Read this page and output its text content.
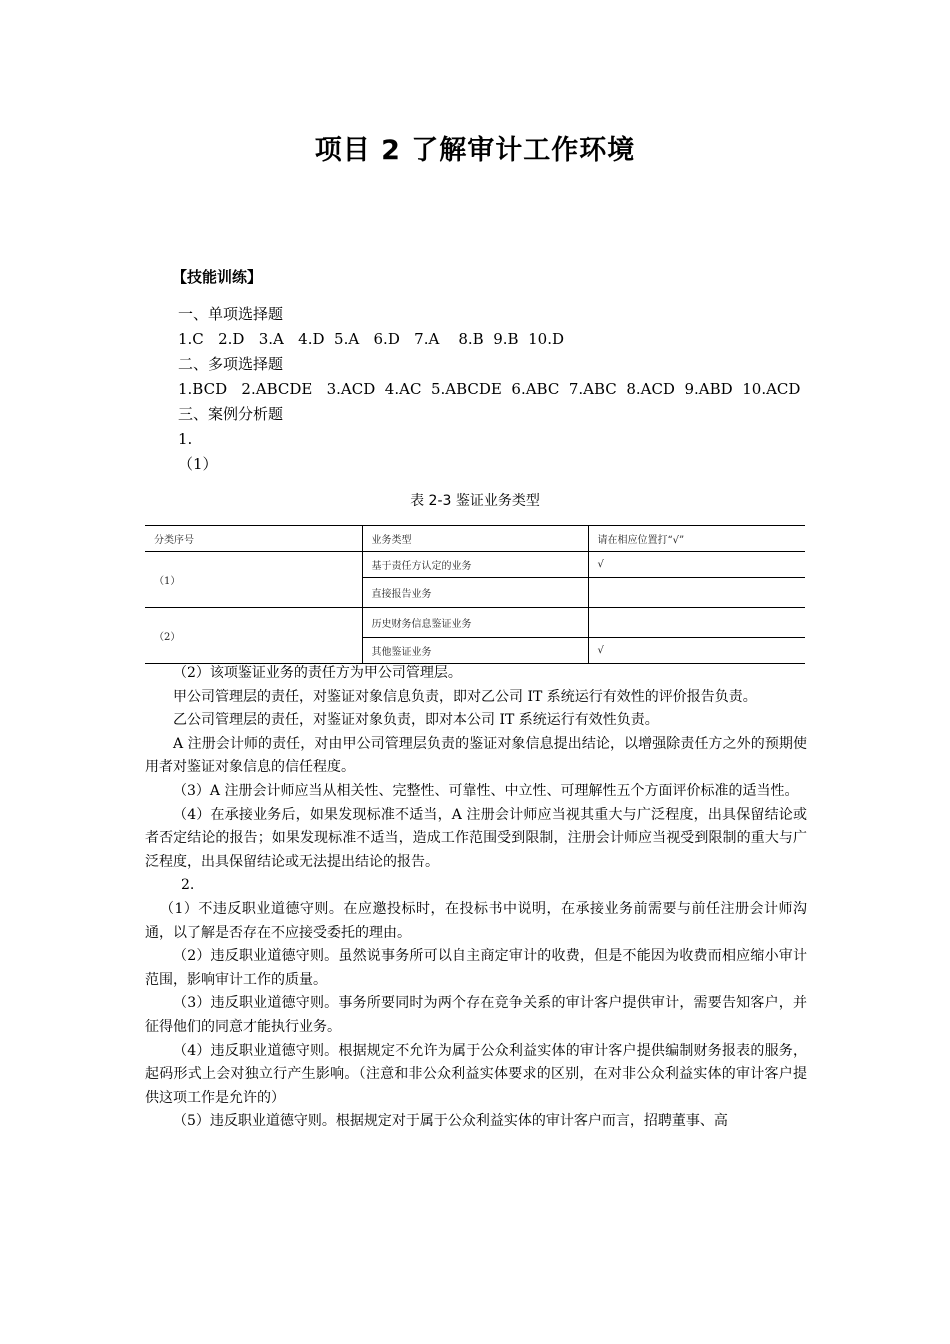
项目 2 了解审计工作环境
【技能训练】
一、单项选择题
1.C   2.D   3.A   4.D  5.A   6.D   7.A    8.B  9.B  10.D
二、多项选择题
1.BCD   2.ABCDE   3.ACD  4.AC  5.ABCDE  6.ABC  7.ABC  8.ACD  9.ABD  10.ACD
三、案例分析题
1.
（1）
表 2-3 鉴证业务类型
分类序号	业务类型	请在相应位置打“√”
（1）	基于责任方认定的业务	√
	直接报告业务	
（2）	历史财务信息鉴证业务	
	其他鉴证业务	√

（2）该项鉴证业务的责任方为甲公司管理层。

甲公司管理层的责任，对鉴证对象信息负责，即对乙公司 IT 系统运行有效性的评价报告负责。

乙公司管理层的责任，对鉴证对象负责，即对本公司 IT 系统运行有效性负责。

A 注册会计师的责任，对由甲公司管理层负责的鉴证对象信息提出结论，以增强除责任方之外的预期使用者对鉴证对象信息的信任程度。

（3）A 注册会计师应当从相关性、完整性、可靠性、中立性、可理解性五个方面评价标准的适当性。

（4）在承接业务后，如果发现标准不适当，A 注册会计师应当视其重大与广泛程度，出具保留结论或者否定结论的报告；如果发现标准不适当，造成工作范围受到限制，注册会计师应当视受到限制的重大与广泛程度，出具保留结论或无法提出结论的报告。

2.

（1）不违反职业道德守则。在应邀投标时，在投标书中说明，在承接业务前需要与前任注册会计师沟通，以了解是否存在不应接受委托的理由。

（2）违反职业道德守则。虽然说事务所可以自主商定审计的收费，但是不能因为收费而相应缩小审计范围，影响审计工作的质量。

（3）违反职业道德守则。事务所要同时为两个存在竞争关系的审计客户提供审计，需要告知客户，并征得他们的同意才能执行业务。

（4）违反职业道德守则。根据规定不允许为属于公众利益实体的审计客户提供编制财务报表的服务，起码形式上会对独立行产生影响。（注意和非公众利益实体要求的区别，在对非公众利益实体的审计客户提供这项工作是允许的）

（5）违反职业道德守则。根据规定对于属于公众利益实体的审计客户而言，招聘董事、高
